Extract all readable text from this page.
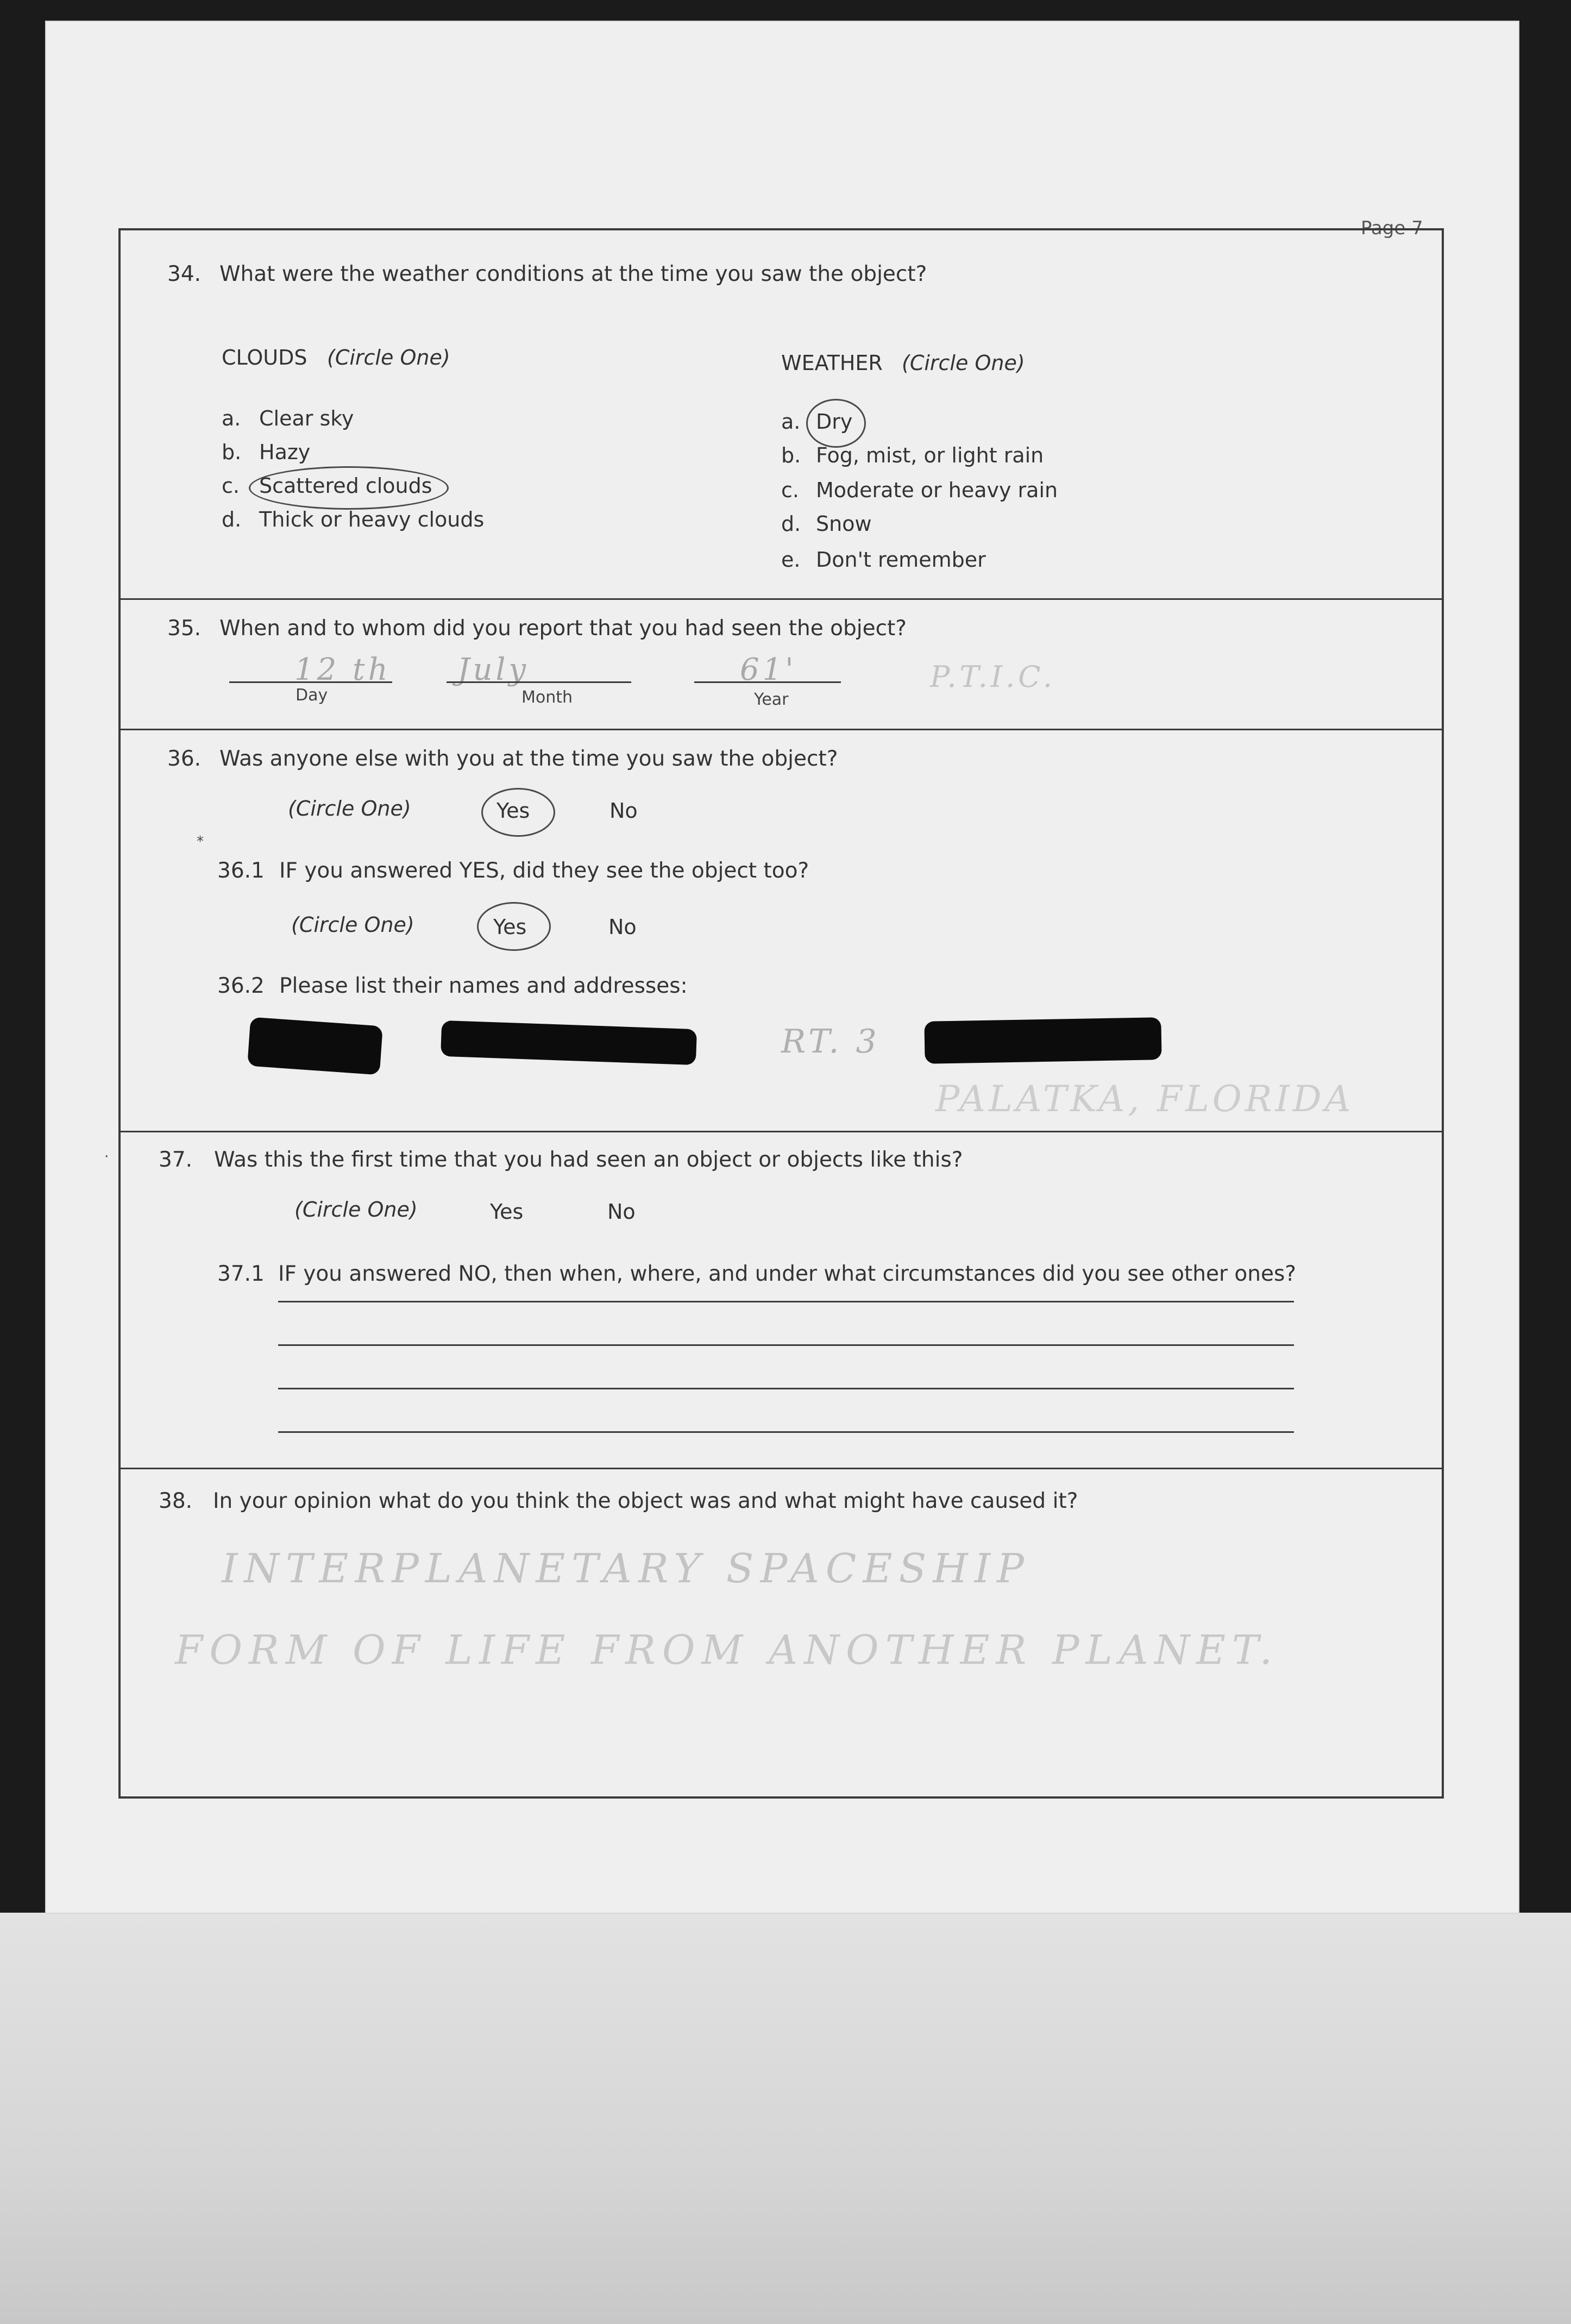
Page 7
34. What were the weather conditions at the time you saw the object?
CLOUDS (Circle One)
a. Clear sky
b. Hazy
c. Scattered clouds
d. Thick or heavy clouds
WEATHER (Circle One)
a. Dry
b. Fog, mist, or light rain
c. Moderate or heavy rain
d. Snow
e. Don't remember
35. When and to whom did you report that you had seen the object?
12 th
Day
July
Month
61'
Year
P.T.I.C.
36. Was anyone else with you at the time you saw the object?
(Circle One)	Yes	No
*
36.1 IF you answered YES, did they see the object too?
(Circle One)	Yes	No
36.2 Please list their names and addresses:
RT. 3
PALATKA, FLORIDA
· 37. Was this the first time that you had seen an object or objects like this?
(Circle One)	Yes	No
37.1 IF you answered NO, then when, where, and under what circumstances did you see other ones?
38. In your opinion what do you think the object was and what might have caused it?
INTERPLANETARY SPACESHIP
FORM OF LIFE FROM ANOTHER PLANET.
